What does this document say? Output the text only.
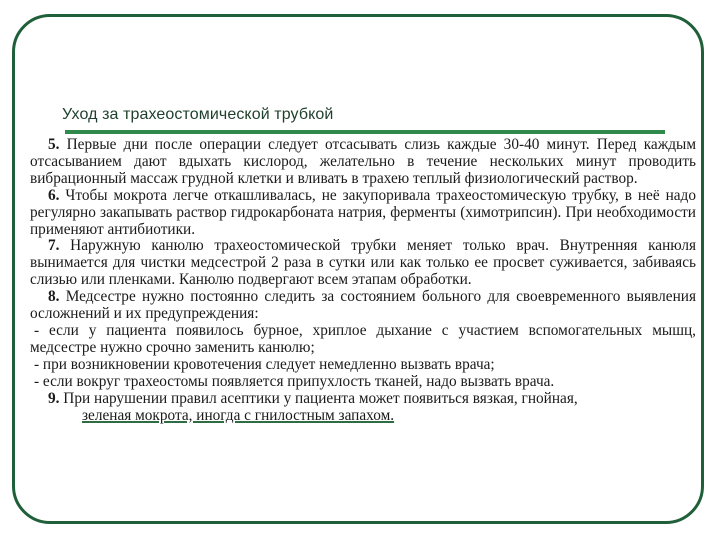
Уход за трахеостомической трубкой

5. Первые дни после операции следует отсасывать слизь каждые 30-40 минут. Перед каждым отсасыванием дают вдыхать кислород, желательно в течение нескольких минут проводить вибрационный массаж грудной клетки и вливать в трахею теплый физиологический раствор.

6. Чтобы мокрота легче откашливалась, не закупоривала трахеостомическую трубку, в неё надо регулярно закапывать раствор гидрокарбоната натрия, ферменты (химотрипсин). При необходимости применяют антибиотики.

7. Наружную канюлю трахеостомической трубки меняет только врач. Внутренняя канюля вынимается для чистки медсестрой 2 раза в сутки или как только ее просвет суживается, забиваясь слизью или пленками. Канюлю подвергают всем этапам обработки.

8. Медсестре нужно постоянно следить за состоянием больного для своевременного выявления осложнений и их предупреждения:

- если у пациента появилось бурное, хриплое дыхание с участием вспомогательных мышц, медсестре нужно срочно заменить канюлю;

- при возникновении кровотечения следует немедленно вызвать врача;

- если вокруг трахеостомы появляется припухлость тканей, надо вызвать врача.

9. При нарушении правил асептики у пациента может появиться вязкая, гнойная,
зеленая мокрота, иногда с гнилостным запахом.
